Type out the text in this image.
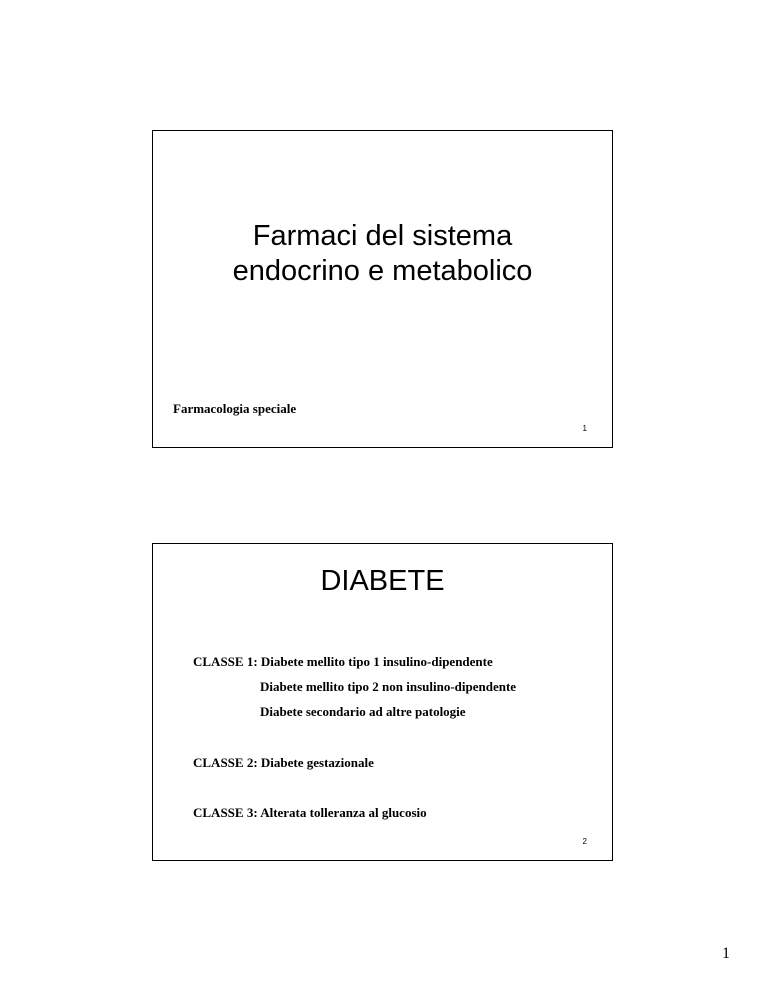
Farmaci del sistema
endocrino e metabolico
Farmacologia speciale
1
DIABETE
CLASSE 1: Diabete mellito tipo 1 insulino-dipendente
Diabete mellito tipo 2 non insulino-dipendente
Diabete secondario ad altre patologie
CLASSE 2: Diabete gestazionale
CLASSE 3: Alterata tolleranza al glucosio
2
1
